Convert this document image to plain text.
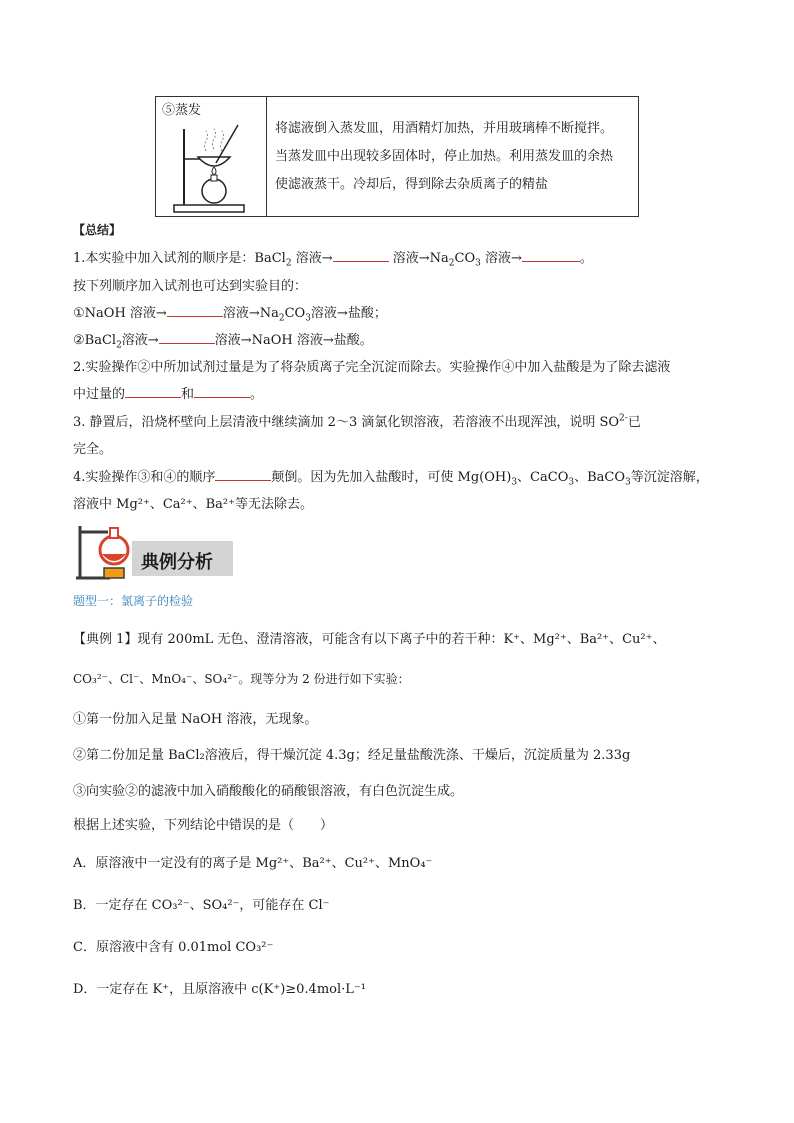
⑤蒸发
将滤液倒入蒸发皿，用酒精灯加热，并用玻璃棒不断搅拌。
当蒸发皿中出现较多固体时，停止加热。利用蒸发皿的余热
使滤液蒸干。冷却后，得到除去杂质离子的精盐
【总结】
1.本实验中加入试剂的顺序是：BaCl$_2$ 溶液→	溶液$\to Na_2CO_3$ 溶液→	。
按下列顺序加入试剂也可达到实验目的：
①NaOH 溶液→	溶液$\to Na_2CO_3$溶液→盐酸；
②BaCl$_2$溶液→	溶液→NaOH 溶液→盐酸。
2.实验操作②中所加试剂过量是为了将杂质离子完全沉淀而除去。实验操作④中加入盐酸是为了除去滤液
中过量的	和	。
3. 静置后，沿烧杯壁向上层清液中继续滴加 2～3 滴氯化钡溶液，若溶液不出现浑浊，说明 $SO^{2-}$已
完全。
4.实验操作③和④的顺序	颠倒。因为先加入盐酸时，可使 $Mg(OH)_3$、CaCO$_3$、BaCO$_3$等沉淀溶解，
溶液中 Mg²⁺、Ca²⁺、Ba²⁺等无法除去。
典例分析
题型一：氯离子的检验
【典例 1】现有 200mL 无色、澄清溶液，可能含有以下离子中的若干种：K⁺、Mg²⁺、Ba²⁺、Cu²⁺、
CO₃²⁻、Cl⁻、MnO₄⁻、SO₄²⁻。现等分为 2 份进行如下实验：
①第一份加入足量 NaOH 溶液，无现象。
②第二份加足量 BaCl₂溶液后，得干燥沉淀 4.3g；经足量盐酸洗涤、干燥后，沉淀质量为 2.33g
③向实验②的滤液中加入硝酸酸化的硝酸银溶液，有白色沉淀生成。
根据上述实验，下列结论中错误的是（　　）
A．原溶液中一定没有的离子是 Mg²⁺、Ba²⁺、Cu²⁺、MnO₄⁻
B．一定存在 CO₃²⁻、SO₄²⁻，可能存在 Cl⁻
C．原溶液中含有 0.01mol CO₃²⁻
D．一定存在 K⁺，且原溶液中 c(K⁺)≥0.4mol·L⁻¹
